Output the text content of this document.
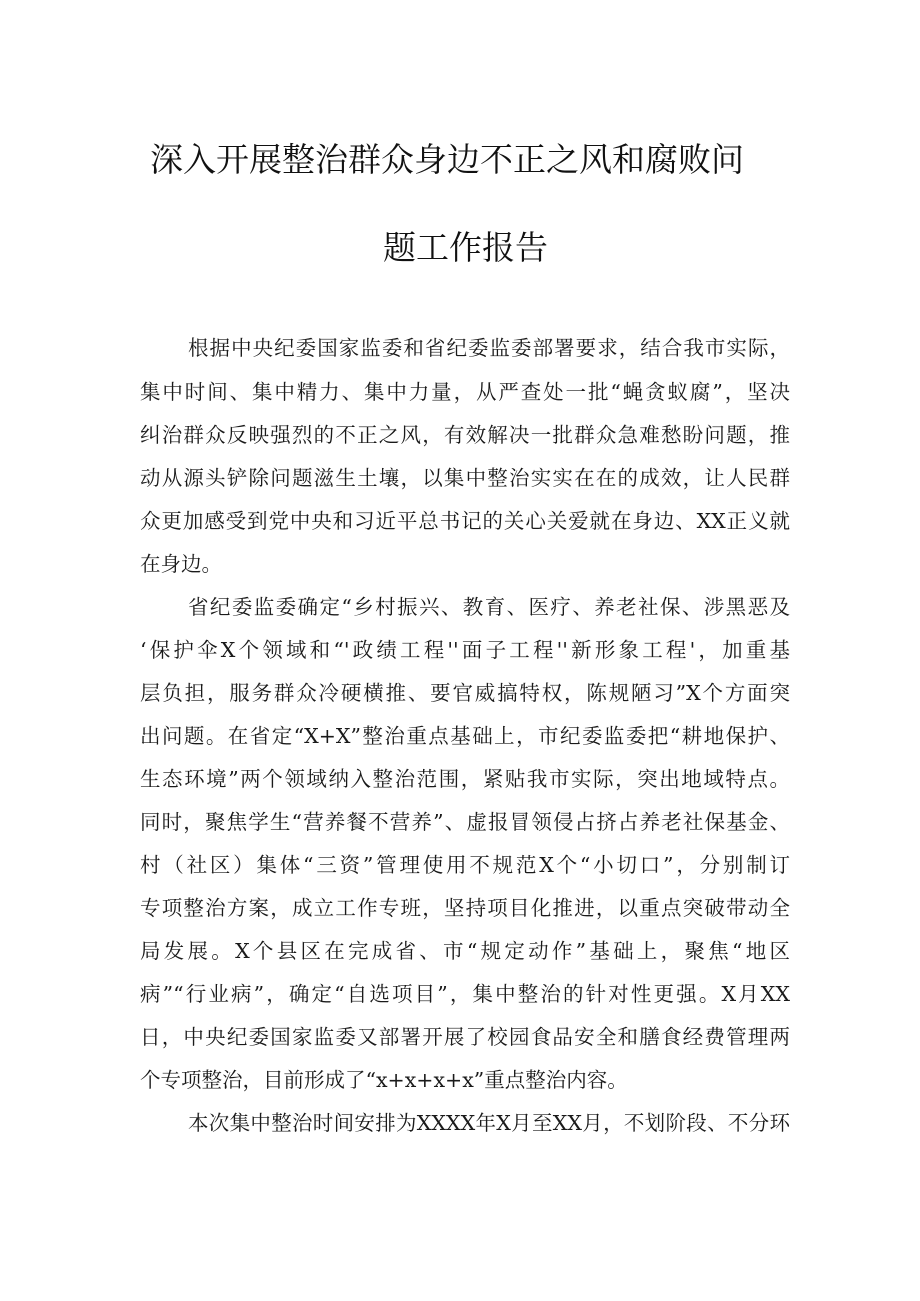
深入开展整治群众身边不正之风和腐败问
题工作报告
根据中央纪委国家监委和省纪委监委部署要求，结合我市实际，
集中时间、集中精力、集中力量，从严查处一批“蝇贪蚁腐”，坚决
纠治群众反映强烈的不正之风，有效解决一批群众急难愁盼问题，推
动从源头铲除问题滋生土壤，以集中整治实实在在的成效，让人民群
众更加感受到党中央和习近平总书记的关心关爱就在身边、XX正义就
在身边。
省纪委监委确定“乡村振兴、教育、医疗、养老社保、涉黑恶及
‘保护伞X个领域和“'政绩工程''面子工程''新形象工程'，加重基
层负担，服务群众冷硬横推、要官威搞特权，陈规陋习”X个方面突
出问题。在省定“X+X”整治重点基础上，市纪委监委把“耕地保护、
生态环境”两个领域纳入整治范围，紧贴我市实际，突出地域特点。
同时，聚焦学生“营养餐不营养”、虚报冒领侵占挤占养老社保基金、
村（社区）集体“三资”管理使用不规范X个“小切口”，分别制订
专项整治方案，成立工作专班，坚持项目化推进，以重点突破带动全
局发展。X个县区在完成省、市“规定动作”基础上，聚焦“地区
病”“行业病”，确定“自选项目”，集中整治的针对性更强。X月XX
日，中央纪委国家监委又部署开展了校园食品安全和膳食经费管理两
个专项整治，目前形成了“x+x+x+x”重点整治内容。
本次集中整治时间安排为XXXX年X月至XX月，不划阶段、不分环
